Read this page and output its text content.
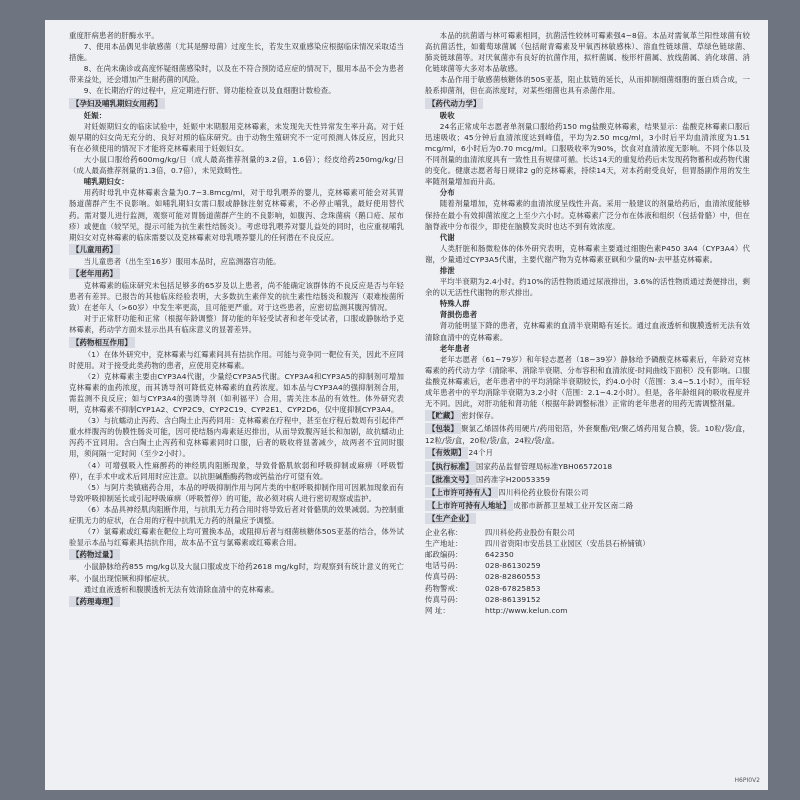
重度肝病患者的肝酶水平。

7、使用本品偶见非敏感菌（尤其是酵母菌）过度生长，若发生双重感染应根据临床情况采取适当措施。

8、在尚未确诊或高度怀疑细菌感染时，以及在不符合预防适应症的情况下，服用本品不会为患者带来益处，还会增加产生耐药菌的风险。

9、在长期治疗的过程中，应定期进行肝、肾功能检查以及血细胞计数检查。

【孕妇及哺乳期妇女用药】

妊娠：

对妊娠期妇女的临床试验中，妊娠中末期服用克林霉素，未发现先天性异常发生率升高。对于妊娠早期的妇女尚无充分的、良好对照的临床研究。由于动物生殖研究不一定可预测人体反应，因此只有在必须使用的情况下才能将克林霉素用于妊娠妇女。

大小鼠口服给药600mg/kg/日（成人最高推荐剂量的3.2倍，1.6倍）；经皮给药250mg/kg/日（成人最高推荐剂量的1.3倍，0.7倍），未见致畸性。

哺乳期妇女：

用药时母乳中克林霉素含量为0.7~3.8mcg/ml，对于母乳喂养的婴儿，克林霉素可能会对其胃肠道菌群产生不良影响。如哺乳期妇女需口服或静脉注射克林霉素，不必停止哺乳，最好使用替代药。需对婴儿进行监测，观察可能对胃肠道菌群产生的不良影响，如腹泻、念珠菌病（鹅口疮、尿布疹）或便血（较罕见，提示可能为抗生素性结肠炎）。考虑母乳喂养对婴儿益处的同时，也应重视哺乳期妇女对克林霉素的临床需要以及克林霉素对母乳喂养婴儿的任何潜在不良反应。

【儿童用药】

当儿童患者（出生至16岁）服用本品时，应监测器官功能。

【老年用药】

克林霉素的临床研究未包括足够多的65岁及以上患者，尚不能确定该群体的不良反应是否与年轻患者有差异。已报告的其他临床经验表明，大多数抗生素伴发的抗生素性结肠炎和腹泻（艰难梭菌所致）在老年人（>60岁）中发生率更高，且可能更严重。对于这些患者，应密切监测其腹泻情况。

对于正常肝功能和正常（根据年龄调整）肾功能的年轻受试者和老年受试者，口服或静脉给予克林霉素，药动学方面未显示出具有临床意义的显著差异。

【药物相互作用】

（1）在体外研究中，克林霉素与红霉素间具有拮抗作用。可能与竞争同一靶位有关，因此不应同时使用。对于接受此类药物的患者，应使用克林霉素。

（2）克林霉素主要由CYP3A4代谢，少量经CYP3A5代谢。CYP3A4和CYP3A5的抑制剂可增加克林霉素的血药浓度，而其诱导剂可降低克林霉素的血药浓度。如本品与CYP3A4的强抑制剂合用，需监测不良反应；如与CYP3A4的强诱导剂（如利福平）合用，需关注本品的有效性。体外研究表明，克林霉素不抑制CYP1A2、CYP2C9、CYP2C19、CYP2E1、CYP2D6，仅中度抑制CYP3A4。

（3）与抗蠕动止泻药、含白陶土止泻药同用：克林霉素在疗程中，甚至在疗程后数周有引起伴严重水样腹泻的伪膜性肠炎可能，因可使结肠内毒素延迟排出，从而导致腹泻延长和加剧，故抗蠕动止泻药不宜同用。含白陶土止泻药和克林霉素同时口服，后者的吸收将显著减少，故两者不宜同时服用，须间隔一定时间（至少2小时）。

（4）可增强吸入性麻醉药的神经肌肉阻断现象，导致骨骼肌软弱和呼吸抑制或麻痹（呼吸暂停），在手术中或术后同用时应注意。以抗胆碱酯酶药物或钙盐治疗可望有效。

（5）与阿片类镇痛药合用，本品的呼吸抑制作用与阿片类的中枢呼吸抑制作用可因累加现象而有导致呼吸抑制延长或引起呼吸麻痹（呼吸暂停）的可能，故必须对病人进行密切观察或监护。

（6）本品具神经肌肉阻断作用，与抗肌无力药合用时将导致后者对骨骼肌的效果减弱。为控制重症肌无力的症状，在合用的疗程中抗肌无力药的剂量应予调整。

（7）氯霉素或红霉素在靶位上均可置换本品，或阻抑后者与细菌核糖体50S亚基的结合，体外试验显示本品与红霉素具拮抗作用，故本品不宜与氯霉素或红霉素合用。

【药物过量】

小鼠静脉给药855 mg/kg以及大鼠口服或皮下给药2618 mg/kg时，均观察到有统计意义的死亡率。小鼠出现惊厥和抑郁症状。

通过血液透析和腹膜透析无法有效清除血清中的克林霉素。

【药理毒理】

本品的抗菌谱与林可霉素相同，抗菌活性较林可霉素强4~8倍。本品对需氧革兰阳性球菌有较高抗菌活性，如葡萄球菌属（包括耐青霉素及甲氧西林敏感株）、溶血性链球菌、草绿色链球菌、肺炎链球菌等。对厌氧菌亦有良好的抗菌作用，拟杆菌属、梭形杆菌属、放线菌属、消化球菌、消化链球菌等大多对本品敏感。

本品作用于敏感菌核糖体的50S亚基，阻止肽链的延长，从而抑制细菌细胞的蛋白质合成，一般系抑菌剂，但在高浓度时，对某些细菌也具有杀菌作用。

【药代动力学】

吸收

24名正常成年志愿者单剂量口服给药150 mg盐酸克林霉素，结果显示：盐酸克林霉素口服后迅速吸收；45分钟后血清浓度达到峰值，平均为2.50 mcg/ml，3小时后平均血清浓度为1.51 mcg/ml，6小时后为0.70 mcg/ml。口服吸收率为90%，饮食对血清浓度无影响。不同个体以及不同剂量的血清浓度具有一致性且有规律可循。长达14天的重复给药后未发现药物蓄积或药物代谢的变化。健康志愿者每日规律2 g的克林霉素，持续14天，对本药耐受良好，但胃肠副作用的发生率随剂量增加而升高。

分布

随着剂量增加，克林霉素的血清浓度呈线性升高。采用一般建议的剂量给药后，血清浓度能够保持在最小有效抑菌浓度之上至少六小时。克林霉素广泛分布在体液和组织（包括骨骼）中，但在脑脊液中分布很少，即使在脑膜发炎时也达不到有效浓度。

代谢

人类肝脏和肠微粒体的体外研究表明，克林霉素主要通过细胞色素P450 3A4（CYP3A4）代谢，少量通过CYP3A5代谢，主要代谢产物为克林霉素亚砜和少量的N-去甲基克林霉素。

排泄

平均半衰期为2.4小时。约10%的活性物质通过尿液排出，3.6%的活性物质通过粪便排出，剩余的以无活性代谢物的形式排出。

特殊人群

肾损伤患者

肾功能明显下降的患者，克林霉素的血清半衰期略有延长。通过血液透析和腹膜透析无法有效清除血清中的克林霉素。

老年患者

老年志愿者（61~79岁）和年轻志愿者（18~39岁）静脉给予磷酸克林霉素后，年龄对克林霉素的药代动力学（清除率、消除半衰期、分布容积和血清浓度-时间曲线下面积）没有影响。口服盐酸克林霉素后，老年患者中的平均消除半衰期较长，约4.0小时（范围：3.4~5.1小时），而年轻成年患者中的平均消除半衰期为3.2小时（范围：2.1~4.2小时）。但是，各年龄组间的吸收程度并无不同。因此，对肝功能和肾功能（根据年龄调整标准）正常的老年患者的用药无需调整剂量。

【贮藏】 密封保存。

【包装】 聚氯乙烯固体药用硬片/药用铝箔，外套聚酯/铝/聚乙烯药用复合膜，袋。10粒/袋/盒，12粒/袋/盒，20粒/袋/盒，24粒/袋/盒。

【有效期】 24个月

【执行标准】 国家药品监督管理局标准YBH06572018

【批准文号】 国药准字H20053359

【上市许可持有人】 四川科伦药业股份有限公司

【上市许可持有人地址】 成都市新都卫星城工业开发区南二路

【生产企业】
企业名称：	四川科伦药业股份有限公司
生产地址：	四川省资阳市安岳县工业园区（安岳县石桥铺镇）
邮政编码：	642350
电话号码：	028-86130259
传真号码：	028-82860553
药物警戒：	028-67825853
传真号码：	028-86139152
网 址：	http://www.kelun.com
H6PI0V2
